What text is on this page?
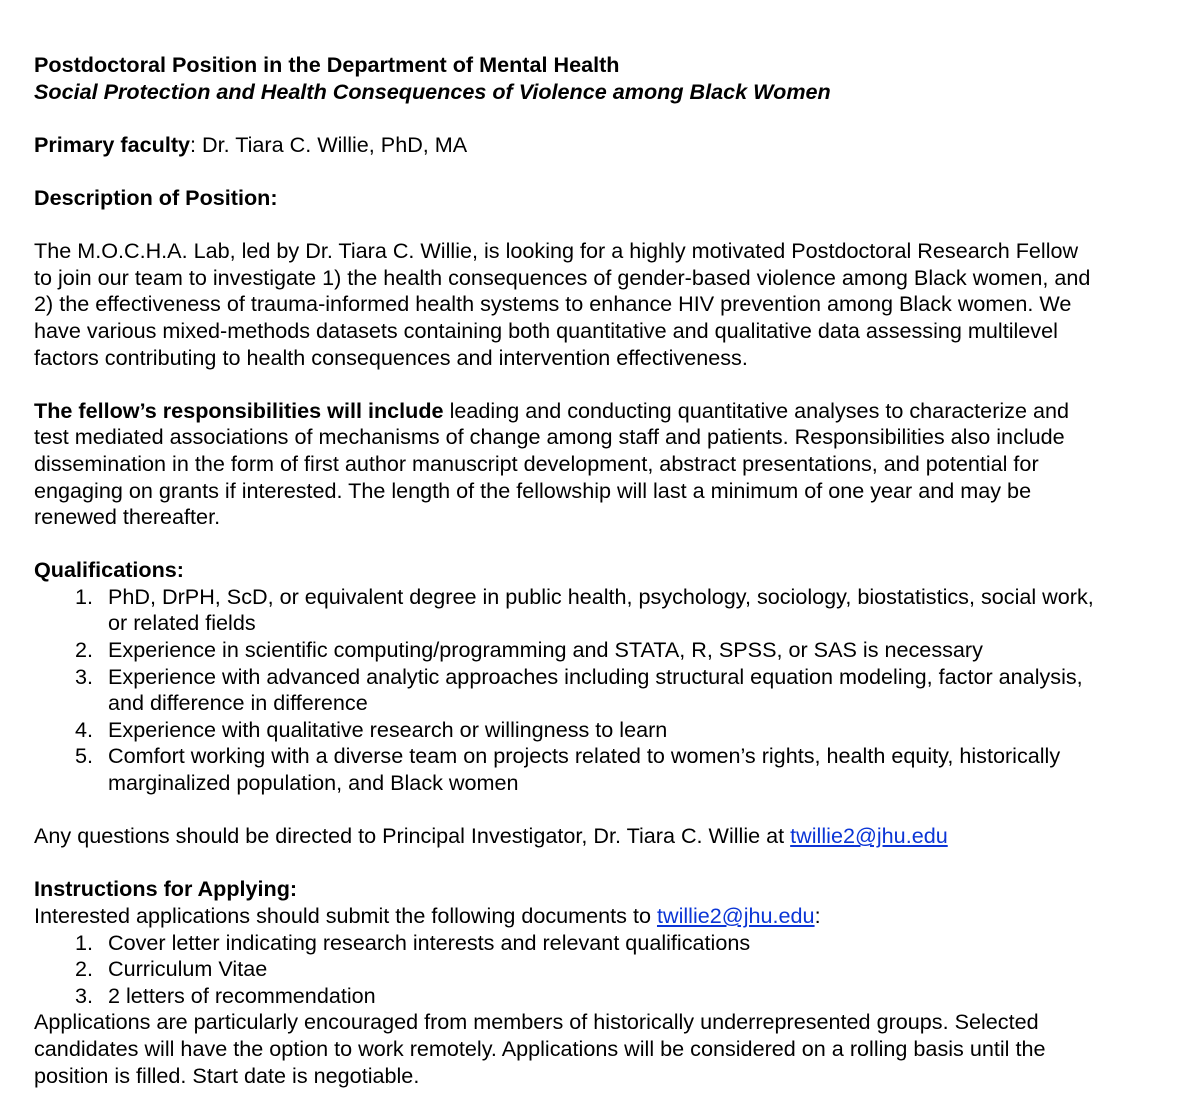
Postdoctoral Position in the Department of Mental Health
Social Protection and Health Consequences of Violence among Black Women
Primary faculty: Dr. Tiara C. Willie, PhD, MA
Description of Position:
The M.O.C.H.A. Lab, led by Dr. Tiara C. Willie, is looking for a highly motivated Postdoctoral Research Fellow
to join our team to investigate 1) the health consequences of gender-based violence among Black women, and
2) the effectiveness of trauma-informed health systems to enhance HIV prevention among Black women. We
have various mixed-methods datasets containing both quantitative and qualitative data assessing multilevel
factors contributing to health consequences and intervention effectiveness.
The fellow’s responsibilities will include leading and conducting quantitative analyses to characterize and
test mediated associations of mechanisms of change among staff and patients. Responsibilities also include
dissemination in the form of first author manuscript development, abstract presentations, and potential for
engaging on grants if interested. The length of the fellowship will last a minimum of one year and may be
renewed thereafter.
Qualifications:
1. PhD, DrPH, ScD, or equivalent degree in public health, psychology, sociology, biostatistics, social work,
or related fields
2. Experience in scientific computing/programming and STATA, R, SPSS, or SAS is necessary
3. Experience with advanced analytic approaches including structural equation modeling, factor analysis,
and difference in difference
4. Experience with qualitative research or willingness to learn
5. Comfort working with a diverse team on projects related to women’s rights, health equity, historically
marginalized population, and Black women
Any questions should be directed to Principal Investigator, Dr. Tiara C. Willie at twillie2@jhu.edu
Instructions for Applying:
Interested applications should submit the following documents to twillie2@jhu.edu:
1. Cover letter indicating research interests and relevant qualifications
2. Curriculum Vitae
3. 2 letters of recommendation
Applications are particularly encouraged from members of historically underrepresented groups. Selected
candidates will have the option to work remotely. Applications will be considered on a rolling basis until the
position is filled. Start date is negotiable.
